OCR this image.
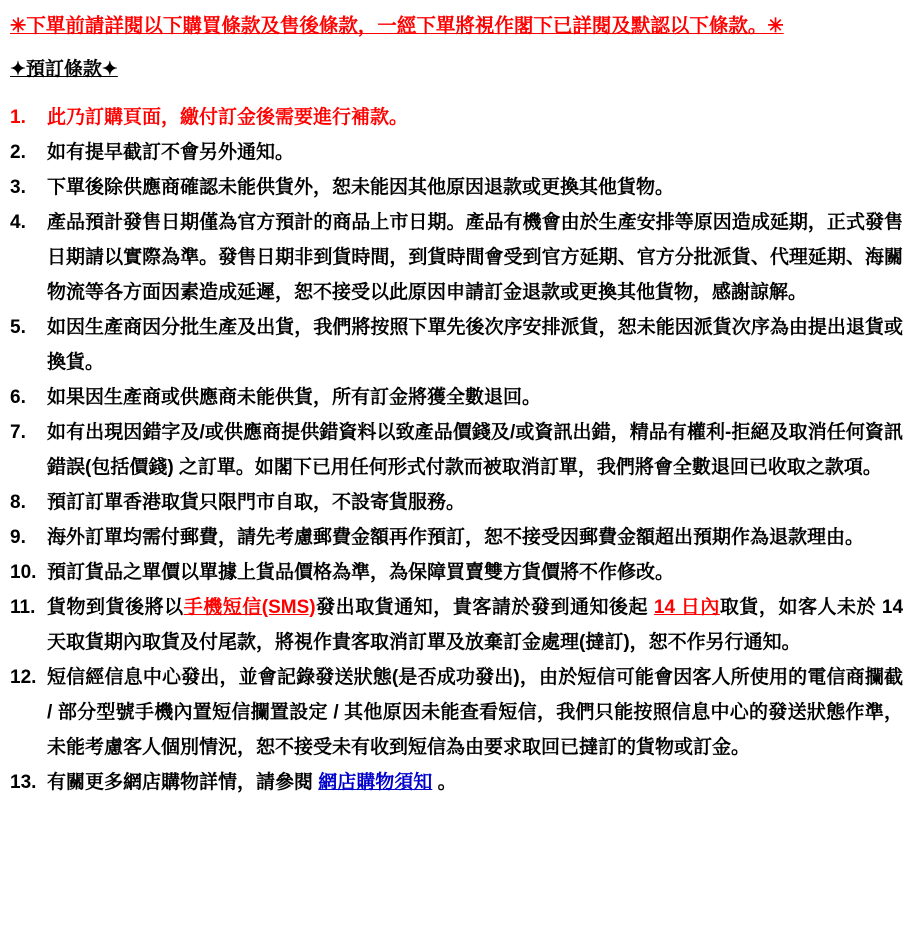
✳下單前請詳閱以下購買條款及售後條款，一經下單將視作閣下已詳閱及默認以下條款。✳
✦預訂條款✦
1.	此乃訂購頁面，繳付訂金後需要進行補款。
2.	如有提早截訂不會另外通知。
3.	下單後除供應商確認未能供貨外，恕未能因其他原因退款或更換其他貨物。
4.	產品預計發售日期僅為官方預計的商品上市日期。產品有機會由於生產安排等原因造成延期，正式發售日期請以實際為準。發售日期非到貨時間，到貨時間會受到官方延期、官方分批派貨、代理延期、海關物流等各方面因素造成延遲，恕不接受以此原因申請訂金退款或更換其他貨物，感謝諒解。
5.	如因生產商因分批生產及出貨，我們將按照下單先後次序安排派貨，恕未能因派貨次序為由提出退貨或換貨。
6.	如果因生產商或供應商未能供貨，所有訂金將獲全數退回。
7.	如有出現因錯字及/或供應商提供錯資料以致產品價錢及/或資訊出錯，精品有權利-拒絕及取消任何資訊錯誤(包括價錢) 之訂單。如閣下已用任何形式付款而被取消訂單，我們將會全數退回已收取之款項。
8.	預訂訂單香港取貨只限門市自取，不設寄貨服務。
9.	海外訂單均需付郵費，請先考慮郵費金額再作預訂，恕不接受因郵費金額超出預期作為退款理由。
10. 預訂貨品之單價以單據上貨品價格為準，為保障買賣雙方貨價將不作修改。
11. 貨物到貨後將以手機短信(SMS)發出取貨通知，貴客請於發到通知後起 14 日內取貨，如客人未於 14 天取貨期內取貨及付尾款，將視作貴客取消訂單及放棄訂金處理(撻訂)，恕不作另行通知。
12. 短信經信息中心發出，並會記錄發送狀態(是否成功發出)，由於短信可能會因客人所使用的電信商攔截 / 部分型號手機內置短信攔置設定 / 其他原因未能查看短信，我們只能按照信息中心的發送狀態作準，未能考慮客人個別情況，恕不接受未有收到短信為由要求取回已撻訂的貨物或訂金。
13. 有關更多網店購物詳情，請參閱 網店購物須知 。
